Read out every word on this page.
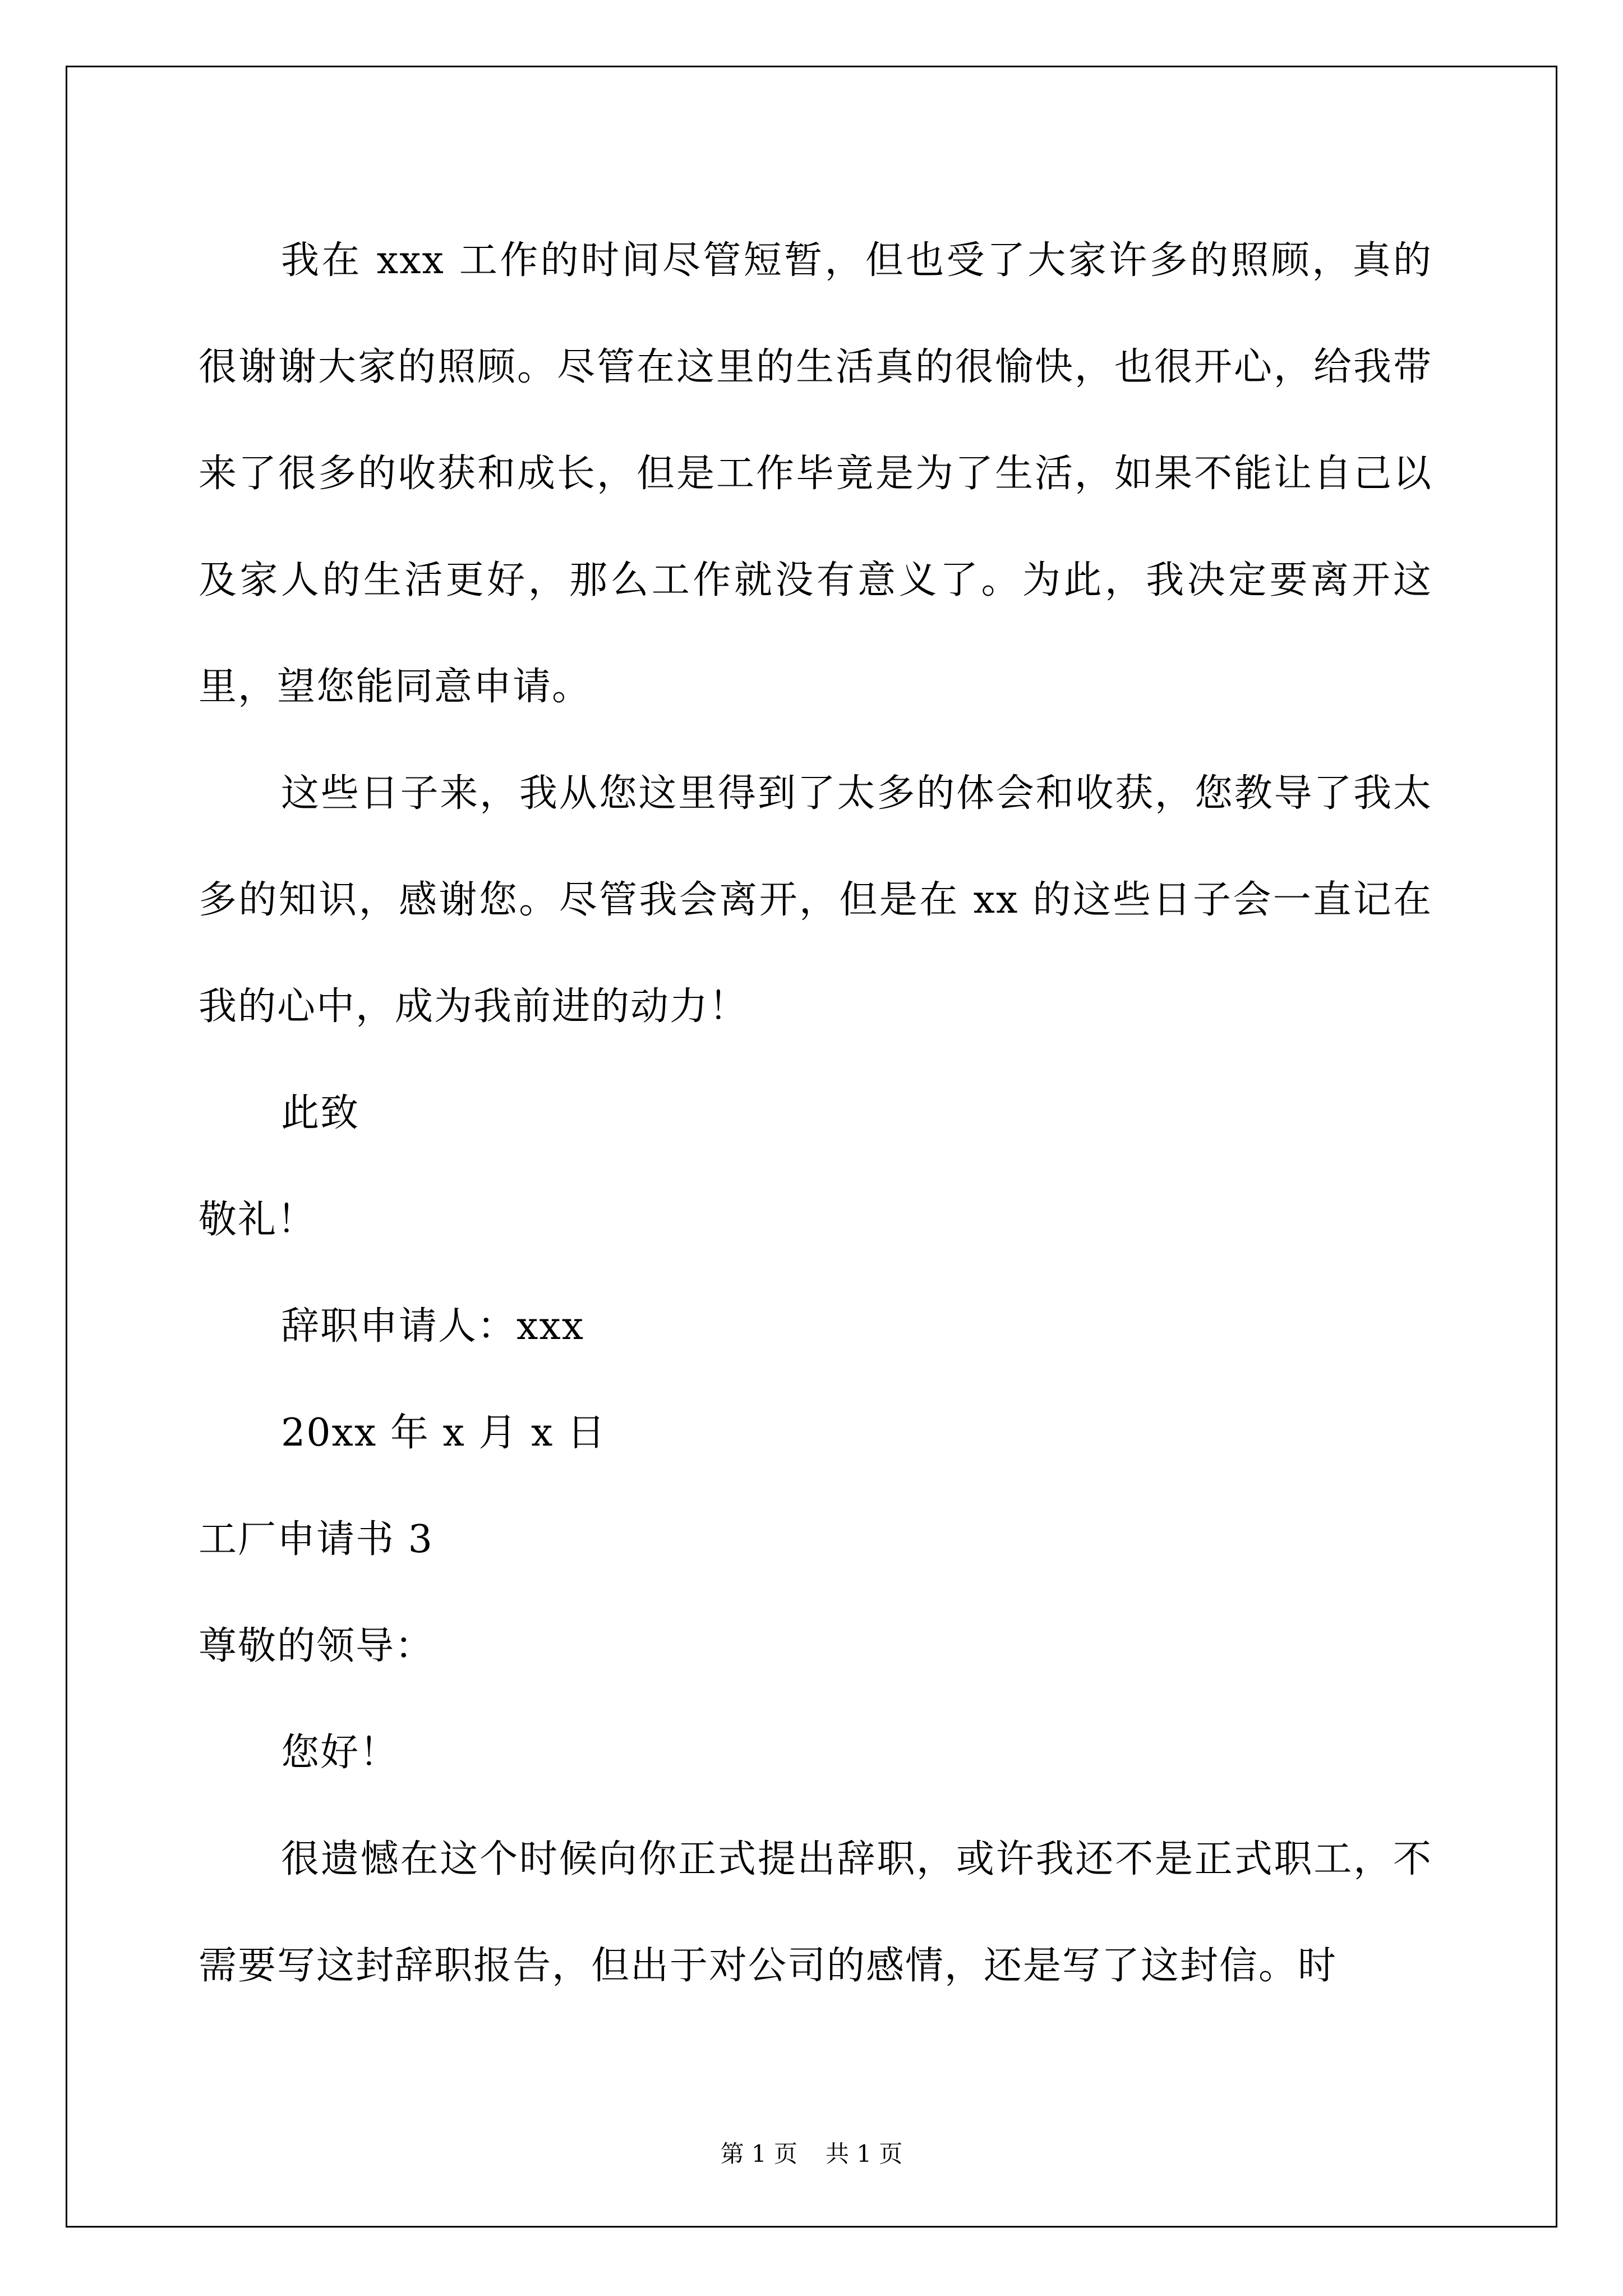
我在 xxx 工作的时间尽管短暂，但也受了大家许多的照顾，真的很谢谢大家的照顾。尽管在这里的生活真的很愉快，也很开心，给我带来了很多的收获和成长，但是工作毕竟是为了生活，如果不能让自己以及家人的生活更好，那么工作就没有意义了。为此，我决定要离开这里，望您能同意申请。

这些日子来，我从您这里得到了太多的体会和收获，您教导了我太多的知识，感谢您。尽管我会离开，但是在 xx 的这些日子会一直记在我的心中，成为我前进的动力！

此致

敬礼！

辞职申请人：xxx

20xx 年 x 月 x 日

工厂申请书 3

尊敬的领导：

您好！

很遗憾在这个时候向你正式提出辞职，或许我还不是正式职工，不需要写这封辞职报告，但出于对公司的感情，还是写了这封信。时

第 1 页 共 1 页
